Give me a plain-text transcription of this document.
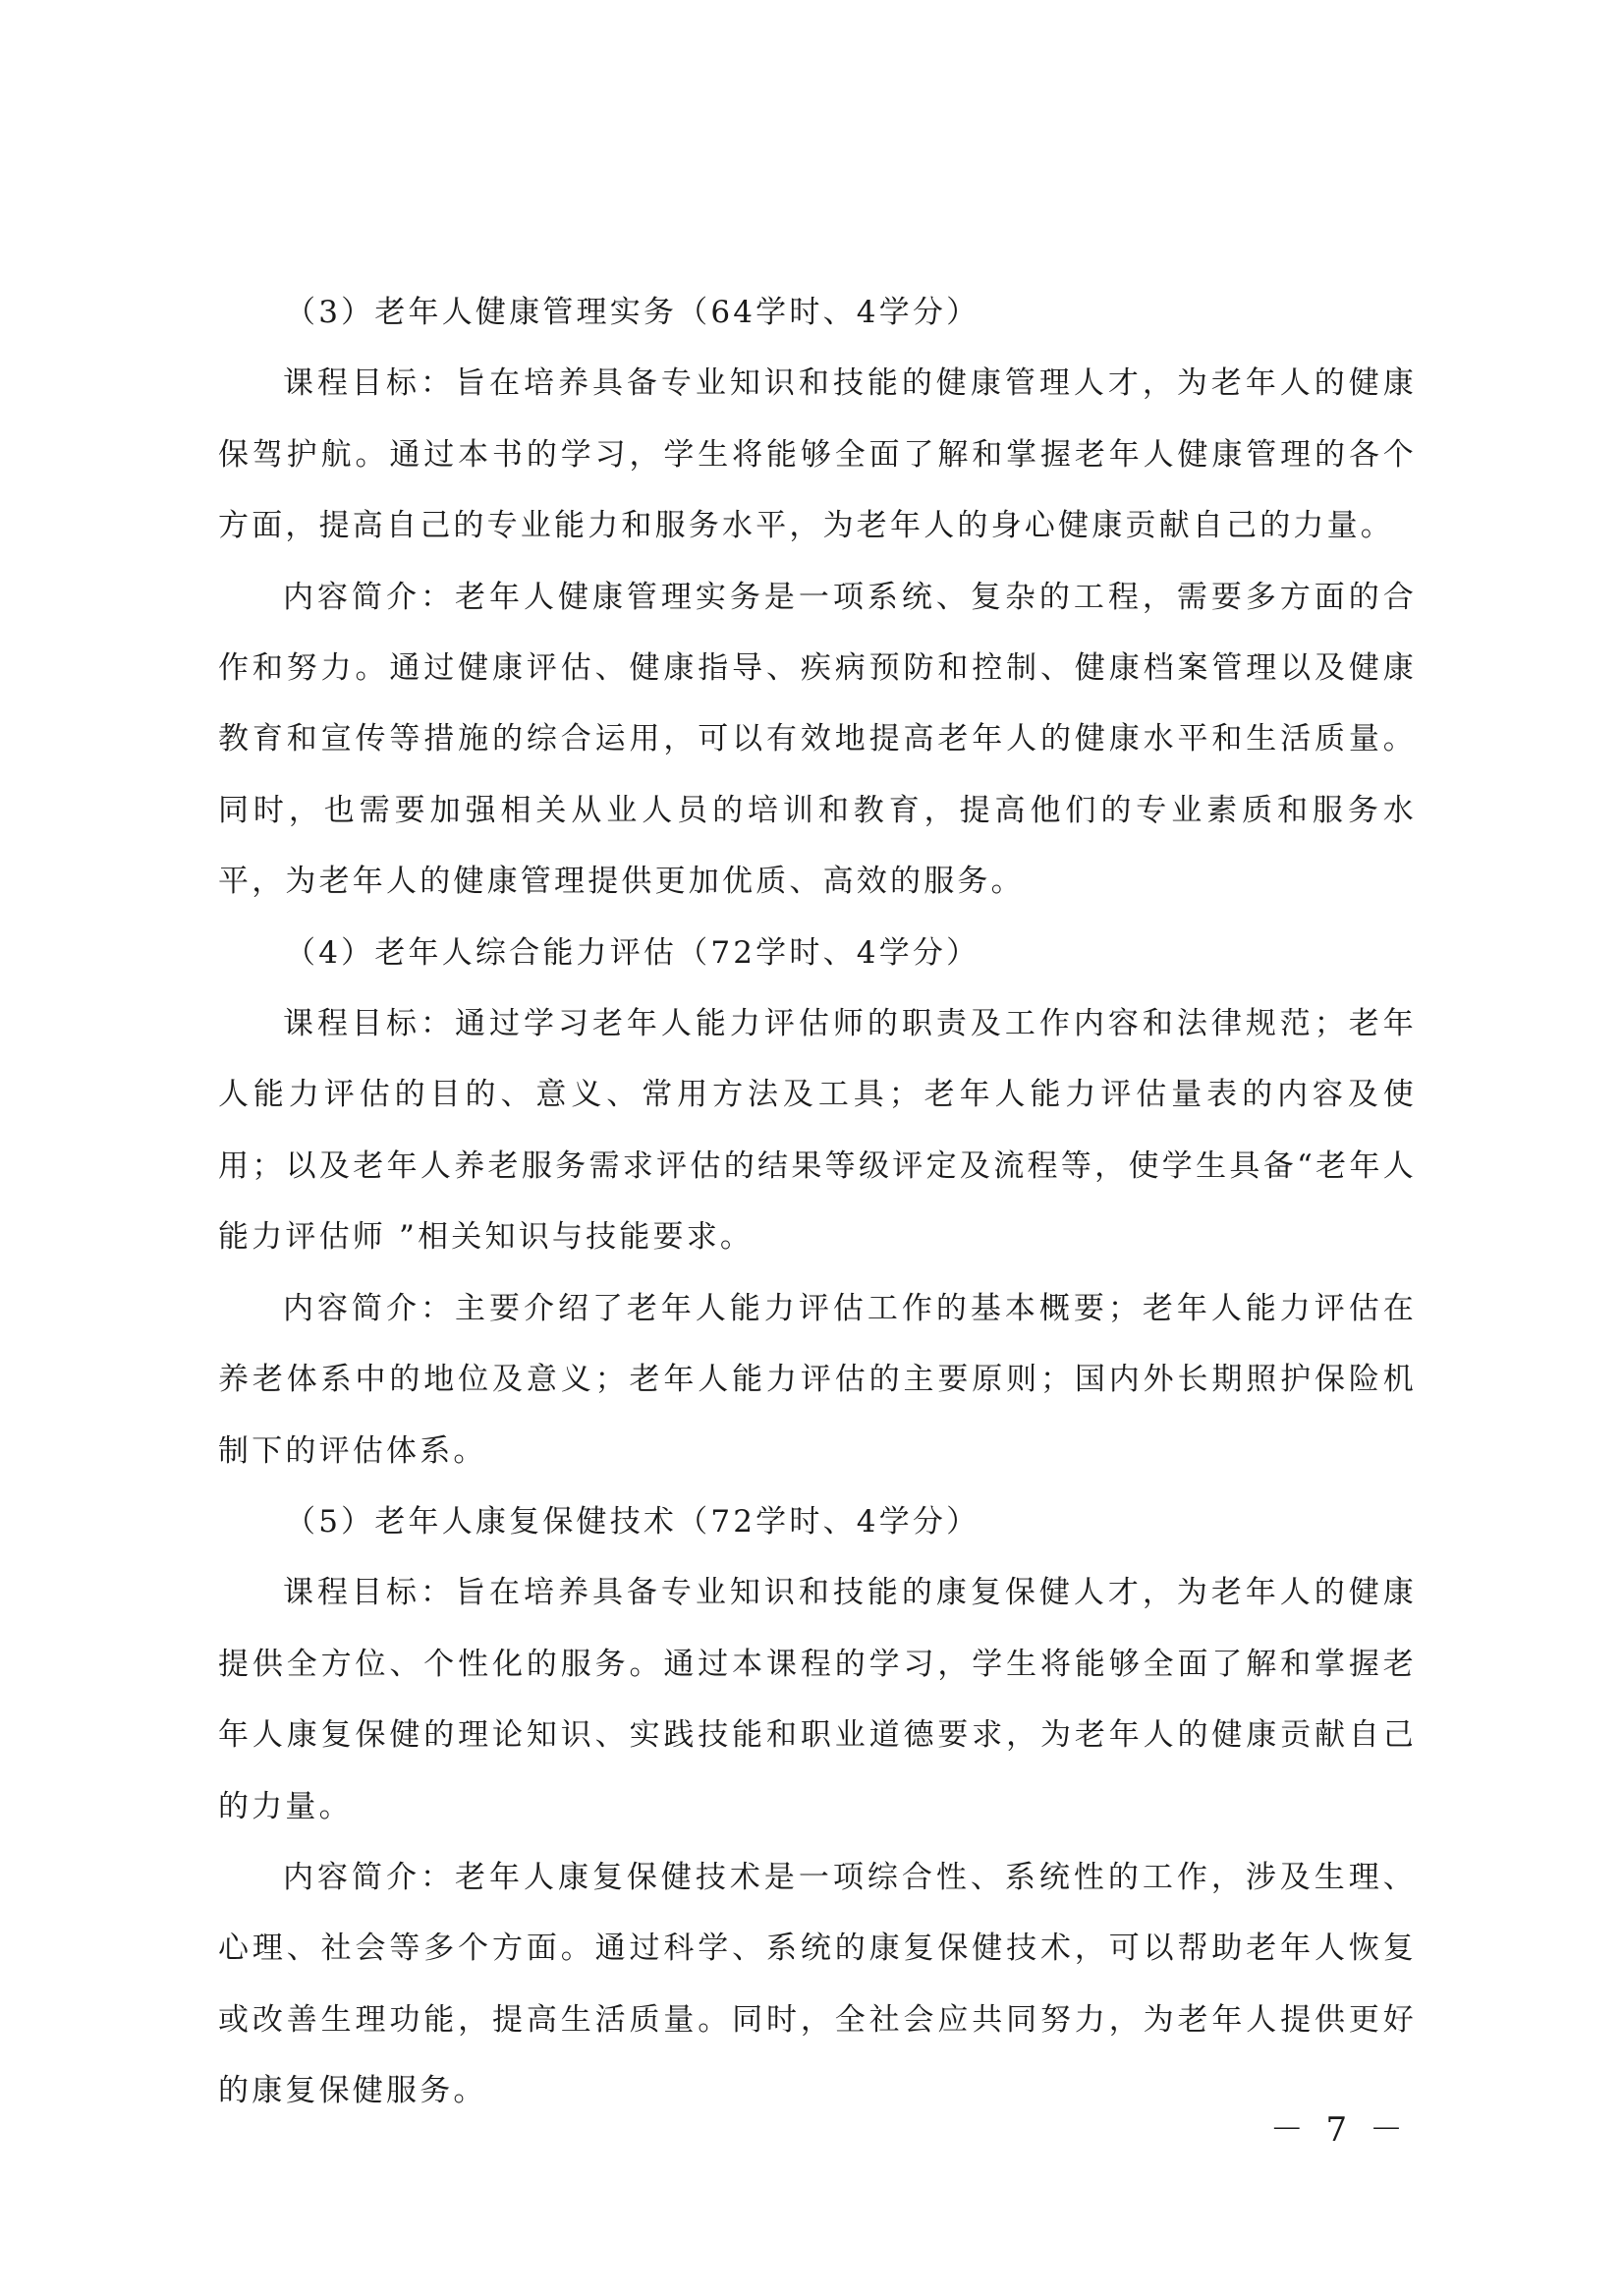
（3）老年人健康管理实务（64学时、4学分）

课程目标：旨在培养具备专业知识和技能的健康管理人才，为老年人的健康保驾护航。通过本书的学习，学生将能够全面了解和掌握老年人健康管理的各个方面，提高自己的专业能力和服务水平，为老年人的身心健康贡献自己的力量。

内容简介：老年人健康管理实务是一项系统、复杂的工程，需要多方面的合作和努力。通过健康评估、健康指导、疾病预防和控制、健康档案管理以及健康教育和宣传等措施的综合运用，可以有效地提高老年人的健康水平和生活质量。同时，也需要加强相关从业人员的培训和教育，提高他们的专业素质和服务水平，为老年人的健康管理提供更加优质、高效的服务。

（4）老年人综合能力评估（72学时、4学分）

课程目标：通过学习老年人能力评估师的职责及工作内容和法律规范；老年人能力评估的目的、意义、常用方法及工具；老年人能力评估量表的内容及使用；以及老年人养老服务需求评估的结果等级评定及流程等，使学生具备“老年人能力评估师 ”相关知识与技能要求。

内容简介：主要介绍了老年人能力评估工作的基本概要；老年人能力评估在养老体系中的地位及意义；老年人能力评估的主要原则；国内外长期照护保险机制下的评估体系。

（5）老年人康复保健技术（72学时、4学分）

课程目标：旨在培养具备专业知识和技能的康复保健人才，为老年人的健康提供全方位、个性化的服务。通过本课程的学习，学生将能够全面了解和掌握老年人康复保健的理论知识、实践技能和职业道德要求，为老年人的健康贡献自己的力量。

内容简介：老年人康复保健技术是一项综合性、系统性的工作，涉及生理、心理、社会等多个方面。通过科学、系统的康复保健技术，可以帮助老年人恢复或改善生理功能，提高生活质量。同时，全社会应共同努力，为老年人提供更好的康复保健服务。

－ 7 －
